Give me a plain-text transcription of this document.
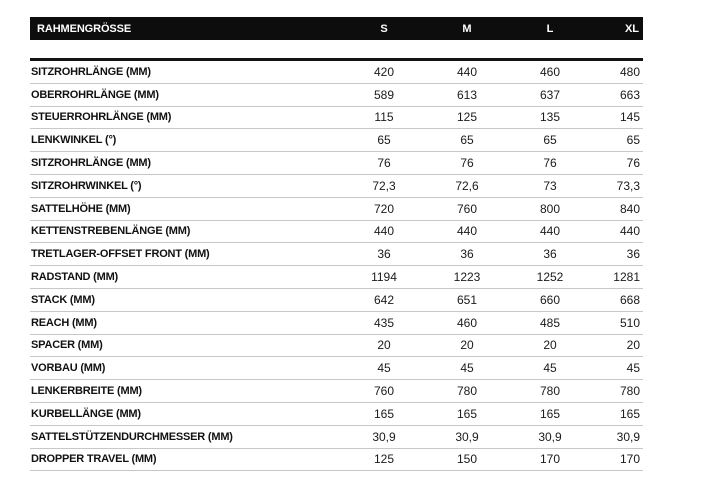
RAHMENGRÖSSE	S	M	L	XL
SITZROHRLÄNGE (MM)	420	440	460	480
OBERROHRLÄNGE (MM)	589	613	637	663
STEUERROHRLÄNGE (MM)	115	125	135	145
LENKWINKEL (°)	65	65	65	65
SITZROHRLÄNGE (MM)	76	76	76	76
SITZROHRWINKEL (°)	72,3	72,6	73	73,3
SATTELHÖHE (MM)	720	760	800	840
KETTENSTREBENLÄNGE (MM)	440	440	440	440
TRETLAGER-OFFSET FRONT (MM)	36	36	36	36
RADSTAND (MM)	1194	1223	1252	1281
STACK (MM)	642	651	660	668
REACH (MM)	435	460	485	510
SPACER (MM)	20	20	20	20
VORBAU (MM)	45	45	45	45
LENKERBREITE (MM)	760	780	780	780
KURBELLÄNGE (MM)	165	165	165	165
SATTELSTÜTZENDURCHMESSER (MM)	30,9	30,9	30,9	30,9
DROPPER TRAVEL (MM)	125	150	170	170
